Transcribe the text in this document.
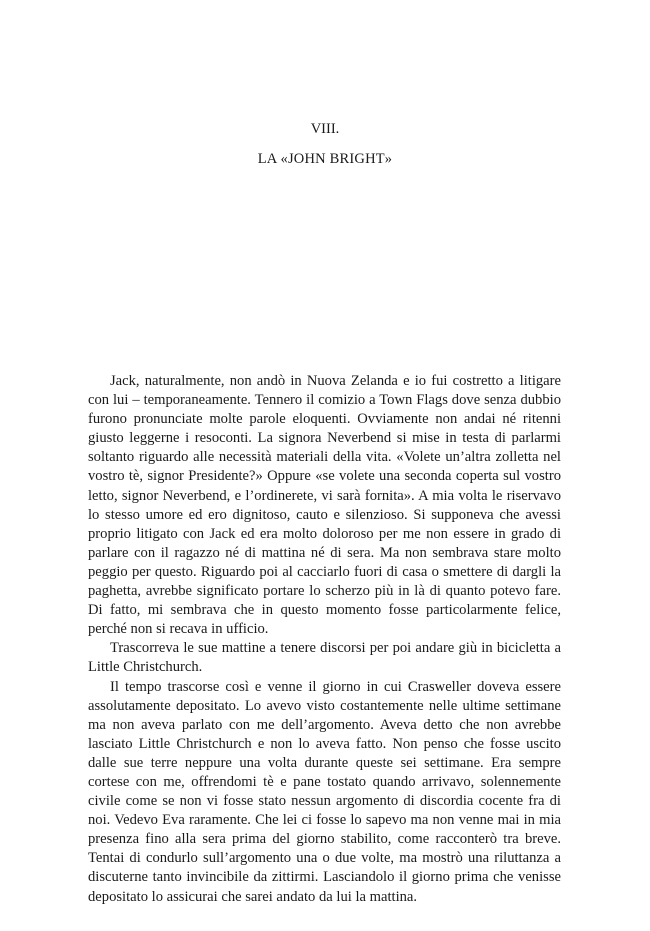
VIII.
LA «JOHN BRIGHT»

Jack, naturalmente, non andò in Nuova Zelanda e io fui costretto a litigare con lui – temporaneamente. Tennero il comizio a Town Flags dove senza dubbio furono pronunciate molte parole eloquenti. Ovviamente non andai né ritenni giusto leggerne i resoconti. La signora Neverbend si mise in testa di parlarmi soltanto riguardo alle necessità materiali della vita. «Volete un’altra zolletta nel vostro tè, signor Presidente?» Oppure «se volete una seconda coperta sul vostro letto, signor Neverbend, e l’ordinerete, vi sarà fornita». A mia volta le riservavo lo stesso umore ed ero dignitoso, cauto e silenzioso. Si supponeva che avessi proprio litigato con Jack ed era molto doloroso per me non essere in grado di parlare con il ragazzo né di mattina né di sera. Ma non sembrava stare molto peggio per questo. Riguardo poi al cacciarlo fuori di casa o smettere di dargli la paghetta, avrebbe significato portare lo scherzo più in là di quanto potevo fare. Di fatto, mi sembrava che in questo momento fosse particolarmente felice, perché non si recava in ufficio.

Trascorreva le sue mattine a tenere discorsi per poi andare giù in bicicletta a Little Christchurch.

Il tempo trascorse così e venne il giorno in cui Crasweller doveva essere assolutamente depositato. Lo avevo visto costantemente nelle ultime settimane ma non aveva parlato con me dell’argomento. Aveva detto che non avrebbe lasciato Little Christchurch e non lo aveva fatto. Non penso che fosse uscito dalle sue terre neppure una volta durante queste sei settimane. Era sempre cortese con me, offrendomi tè e pane tostato quando arrivavo, solennemente civile come se non vi fosse stato nessun argomento di discordia cocente fra di noi. Vedevo Eva raramente. Che lei ci fosse lo sapevo ma non venne mai in mia presenza fino alla sera prima del giorno stabilito, come racconterò tra breve. Tentai di condurlo sull’argomento una o due volte, ma mostrò una riluttanza a discuterne tanto invincibile da zittirmi. Lasciandolo il giorno prima che venisse depositato lo assicurai che sarei andato da lui la mattina.
